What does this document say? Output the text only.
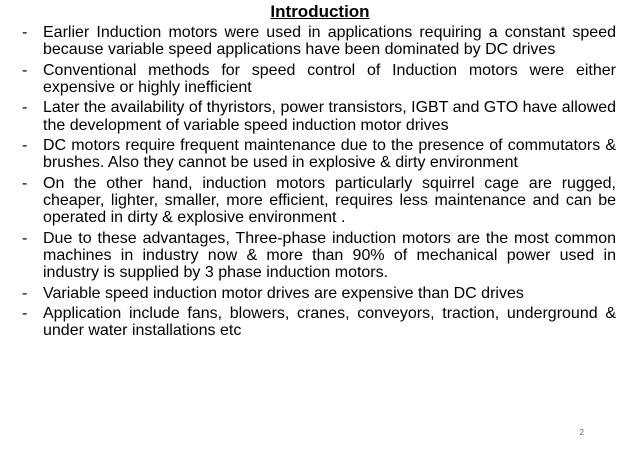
Introduction
- Earlier Induction motors were used in applications requiring a constant speed because variable speed applications have been dominated by DC drives
- Conventional methods for speed control of Induction motors were either expensive or highly inefficient
- Later the availability of thyristors, power transistors, IGBT and GTO have allowed the development of variable speed induction motor drives
- DC motors require frequent maintenance due to the presence of commutators & brushes. Also they cannot be used in explosive & dirty environment
- On the other hand, induction motors particularly squirrel cage are rugged, cheaper, lighter, smaller, more efficient, requires less maintenance and can be operated in dirty & explosive environment .
- Due to these advantages, Three-phase induction motors are the most common machines in industry now & more than 90% of mechanical power used in industry is supplied by 3 phase induction motors.
- Variable speed induction motor drives are expensive than DC drives
- Application include fans, blowers, cranes, conveyors, traction, underground & under water installations etc
2
